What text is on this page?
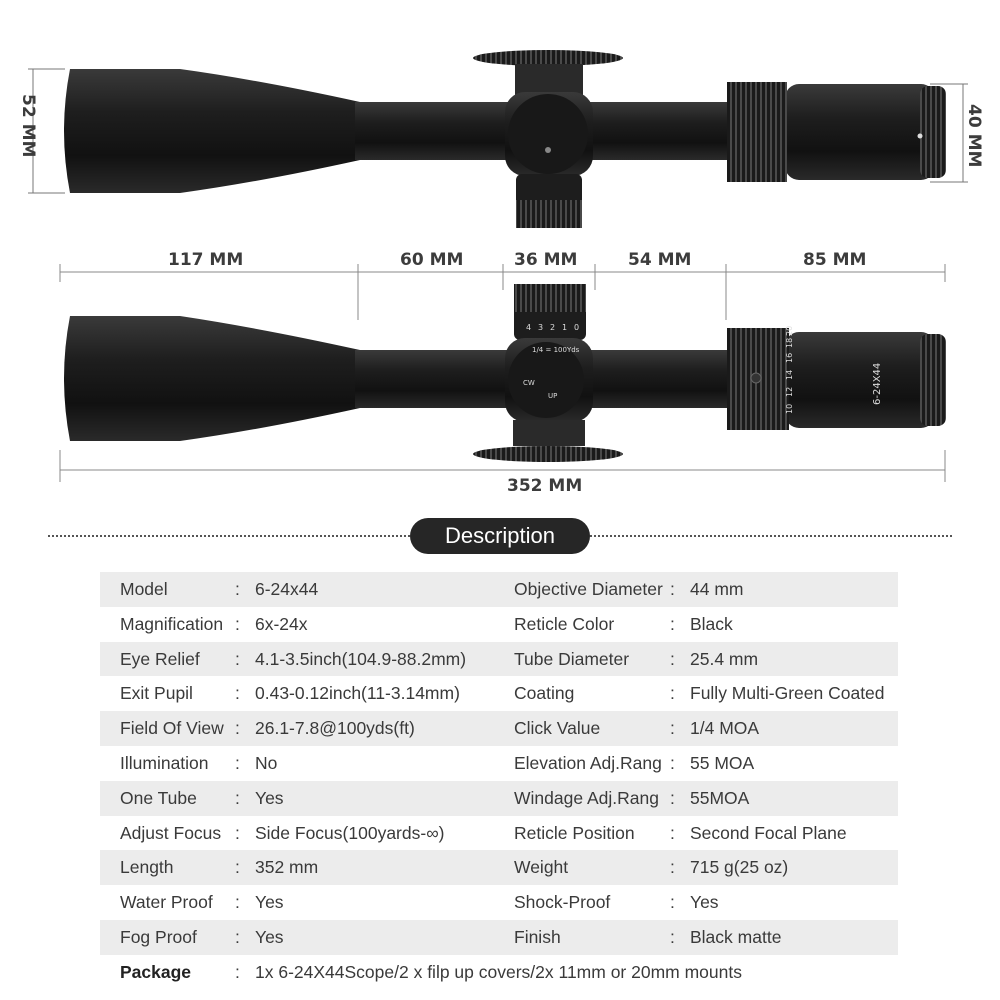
6-24X44
10
12
14
16
18
20
1/4 = 100Yds
UP
CW
0
1
2
3
4
52 MM	40 MM
117 MM	60 MM	36 MM	54 MM	85 MM
352 MM
Description
Model	: 6-24x44	Objective Diameter : 44 mm
Magnification : 6x-24x	Reticle Color	: Black
Eye Relief : 4.1-3.5inch(104.9-88.2mm)	Tube Diameter : 25.4 mm
Exit Pupil : 0.43-0.12inch(11-3.14mm)	Coating	: Fully Multi-Green Coated
Field Of View : 26.1-7.8@100yds(ft)	Click Value	: 1/4 MOA
Illumination : No	Elevation Adj.Rang : 55 MOA
One Tube : Yes	Windage Adj.Rang : 55MOA
Adjust Focus : Side Focus(100yards-∞)	Reticle Position : Second Focal Plane
Length	: 352 mm	Weight	: 715 g(25 oz)
Water Proof : Yes	Shock-Proof	: Yes
Fog Proof : Yes	Finish	: Black matte
Package	: 1x 6-24X44Scope/2 x filp up covers/2x 11mm or 20mm mounts
